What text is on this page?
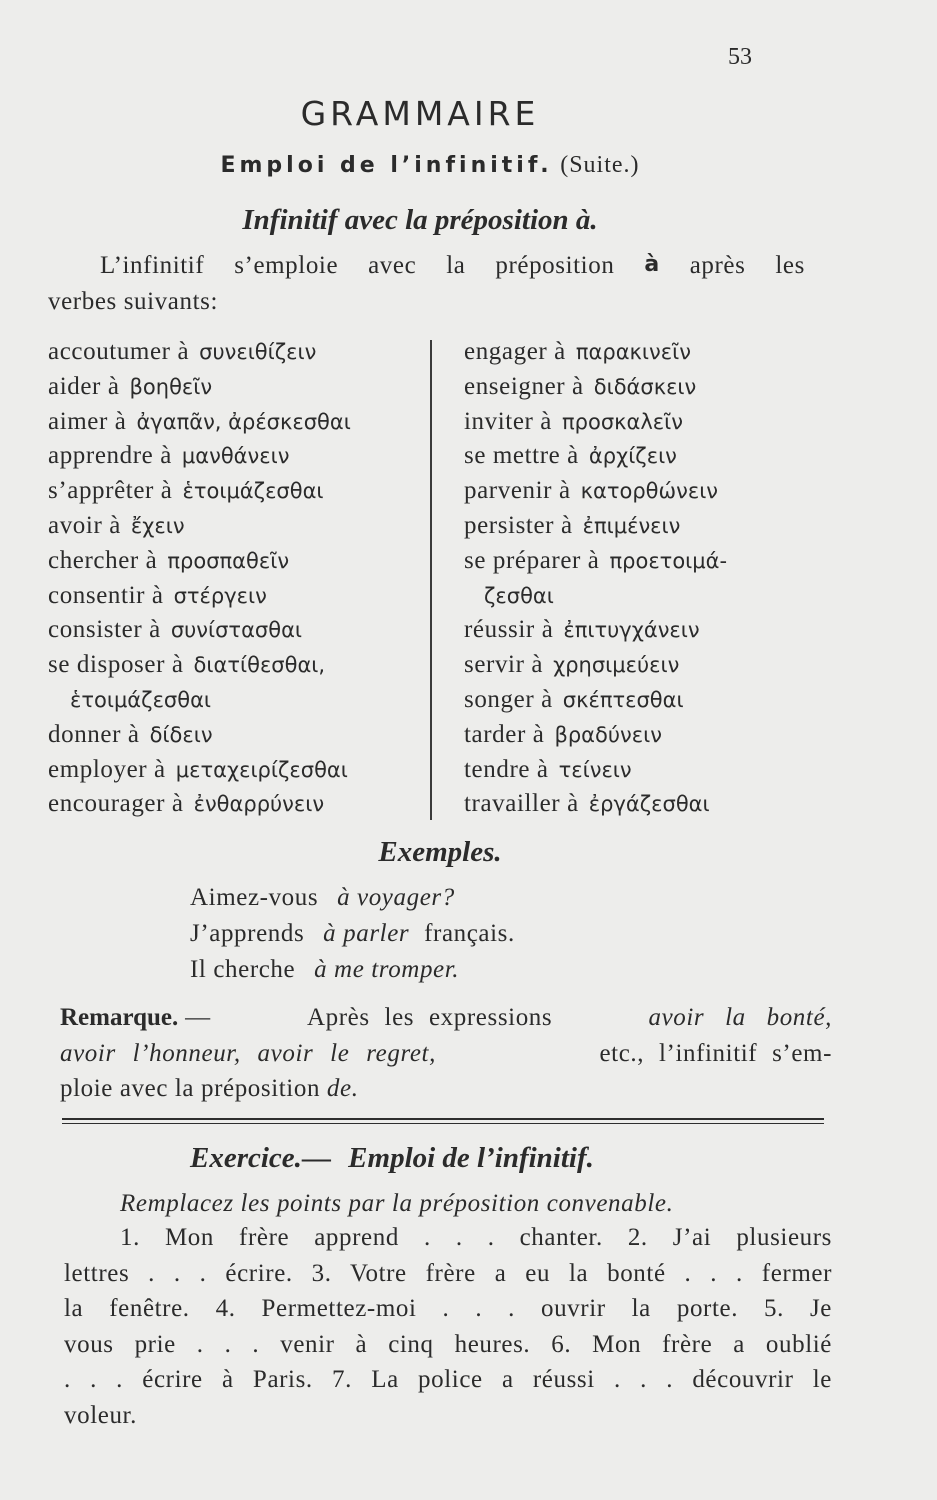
53
GRAMMAIRE
Emploi de l’infinitif. (Suite.)
Infinitif avec la préposition à.
L’infinitif s’emploie avec la préposition à après les
verbes suivants:
accoutumer à συνειθίζειν
aider à βοηθεῖν
aimer à ἀγαπᾶν, ἀρέσκεσθαι
apprendre à μανθάνειν
s’apprêter à ἑτοιμάζεσθαι
avoir à ἔχειν
chercher à προσπαθεῖν
consentir à στέργειν
consister à συνίστασθαι
se disposer à διατίθεσθαι,
ἑτοιμάζεσθαι
donner à δίδειν
employer à μεταχειρίζεσθαι
encourager à ἐνθαρρύνειν
engager à παρακινεῖν
enseigner à διδάσκειν
inviter à προσκαλεῖν
se mettre à ἀρχίζειν
parvenir à κατορθώνειν
persister à ἐπιμένειν
se préparer à προετοιμά-
ζεσθαι
réussir à ἐπιτυγχάνειν
servir à χρησιμεύειν
songer à σκέπτεσθαι
tarder à βραδύνειν
tendre à τείνειν
travailler à ἐργάζεσθαι
Exemples.
Aimez-vous à voyager?
J’apprends à parler français.
Il cherche à me tromper.
Remarque. —	Après les expressions	avoir la bonté,
avoir l’honneur, avoir le regret,	etc., l’infinitif s’em-
ploie avec la préposition de.
Exercice.— Emploi de l’infinitif.
Remplacez les points par la préposition convenable.
1. Mon frère apprend . . . chanter. 2. J’ai plusieurs
lettres . . . écrire. 3. Votre frère a eu la bonté . . . fermer
la fenêtre. 4. Permettez-moi . . . ouvrir la porte. 5. Je
vous prie . . . venir à cinq heures. 6. Mon frère a oublié
. . . écrire à Paris. 7. La police a réussi . . . découvrir le
voleur.
